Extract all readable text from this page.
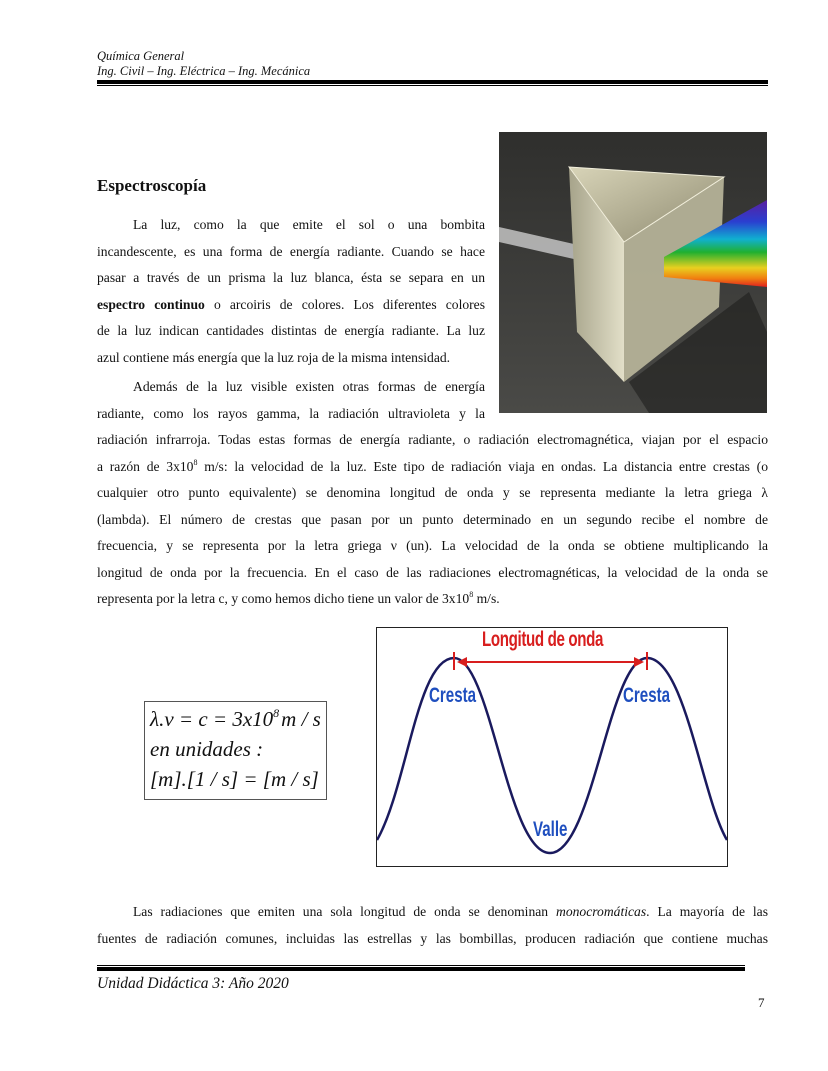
Química General
Ing. Civil – Ing. Eléctrica – Ing. Mecánica
Espectroscopía
La luz, como la que emite el sol o una bombita
incandescente, es una forma de energía radiante. Cuando se hace
pasar a través de un prisma la luz blanca, ésta se separa en un
espectro continuo o arcoiris de colores. Los diferentes colores
de la luz indican cantidades distintas de energía radiante. La luz
azul contiene más energía que la luz roja de la misma intensidad.
Además de la luz visible existen otras formas de energía
radiante, como los rayos gamma, la radiación ultravioleta y la
radiación infrarroja. Todas estas formas de energía radiante, o radiación electromagnética, viajan por el espacio
a razón de $3x10^8$ m/s: la velocidad de la luz. Este tipo de radiación viaja en ondas. La distancia entre crestas (o
cualquier otro punto equivalente) se denomina longitud de onda y se representa mediante la letra griega λ
(lambda). El número de crestas que pasan por un punto determinado en un segundo recibe el nombre de
frecuencia, y se representa por la letra griega ν (un). La velocidad de la onda se obtiene multiplicando la
longitud de onda por la frecuencia. En el caso de las radiaciones electromagnéticas, la velocidad de la onda se
representa por la letra c, y como hemos dicho tiene un valor de $3x10^8$ m/s.
$\lambda.\nu = c = 3x10^8m / s$
en unidades :
[m].[1 / s] = [m / s]
Longitud de onda
Cresta	Cresta
Valle
Las radiaciones que emiten una sola longitud de onda se denominan monocromáticas. La mayoría de las
fuentes de radiación comunes, incluidas las estrellas y las bombillas, producen radiación que contiene muchas
Unidad Didáctica 3: Año 2020
7
